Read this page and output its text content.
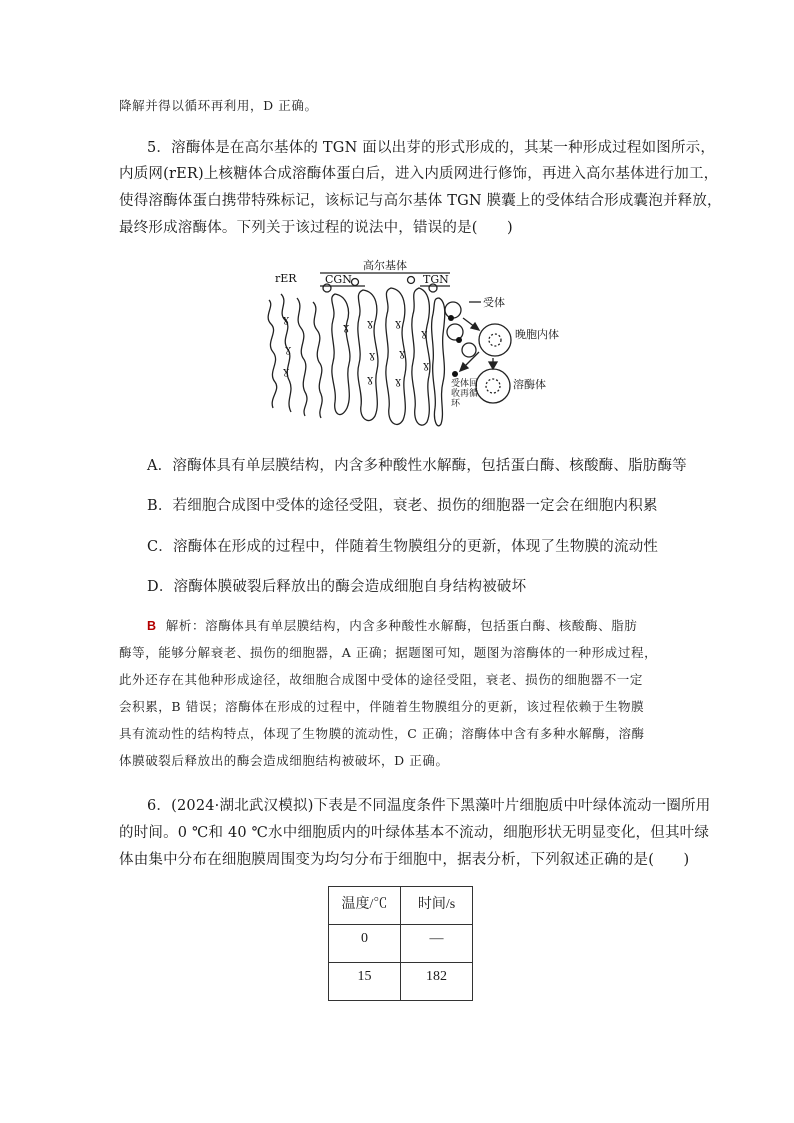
降解并得以循环再利用，D 正确。
5．溶酶体是在高尔基体的 TGN 面以出芽的形式形成的，其某一种形成过程如图所示，
内质网(rER)上核糖体合成溶酶体蛋白后，进入内质网进行修饰，再进入高尔基体进行加工，
使得溶酶体蛋白携带特殊标记，该标记与高尔基体 TGN 膜囊上的受体结合形成囊泡并释放，
最终形成溶酶体。下列关于该过程的说法中，错误的是(　　)
Ɣ
Ɣ
Ɣ
Ɣ Ɣ
Ɣ
Ɣ
Ɣ
Ɣ
Ɣ
Ɣ
Ɣ
高尔基体
rER	CGN	TGN
受体
晚胞内体
受体回
收再循
环
溶酶体
A．溶酶体具有单层膜结构，内含多种酸性水解酶，包括蛋白酶、核酸酶、脂肪酶等
B．若细胞合成图中受体的途径受阻，衰老、损伤的细胞器一定会在细胞内积累
C．溶酶体在形成的过程中，伴随着生物膜组分的更新，体现了生物膜的流动性
D．溶酶体膜破裂后释放出的酶会造成细胞自身结构被破坏
B 解析：溶酶体具有单层膜结构，内含多种酸性水解酶，包括蛋白酶、核酸酶、脂肪
酶等，能够分解衰老、损伤的细胞器，A 正确；据题图可知，题图为溶酶体的一种形成过程，
此外还存在其他种形成途径，故细胞合成图中受体的途径受阻，衰老、损伤的细胞器不一定
会积累，B 错误；溶酶体在形成的过程中，伴随着生物膜组分的更新，该过程依赖于生物膜
具有流动性的结构特点，体现了生物膜的流动性，C 正确；溶酶体中含有多种水解酶，溶酶
体膜破裂后释放出的酶会造成细胞结构被破坏，D 正确。
6．(2024·湖北武汉模拟)下表是不同温度条件下黑藻叶片细胞质中叶绿体流动一圈所用
的时间。0 ℃和 40 ℃水中细胞质内的叶绿体基本不流动，细胞形状无明显变化，但其叶绿
体由集中分布在细胞膜周围变为均匀分布于细胞中，据表分析，下列叙述正确的是(　　)
温度/℃	时间/s
0	—
15	182
